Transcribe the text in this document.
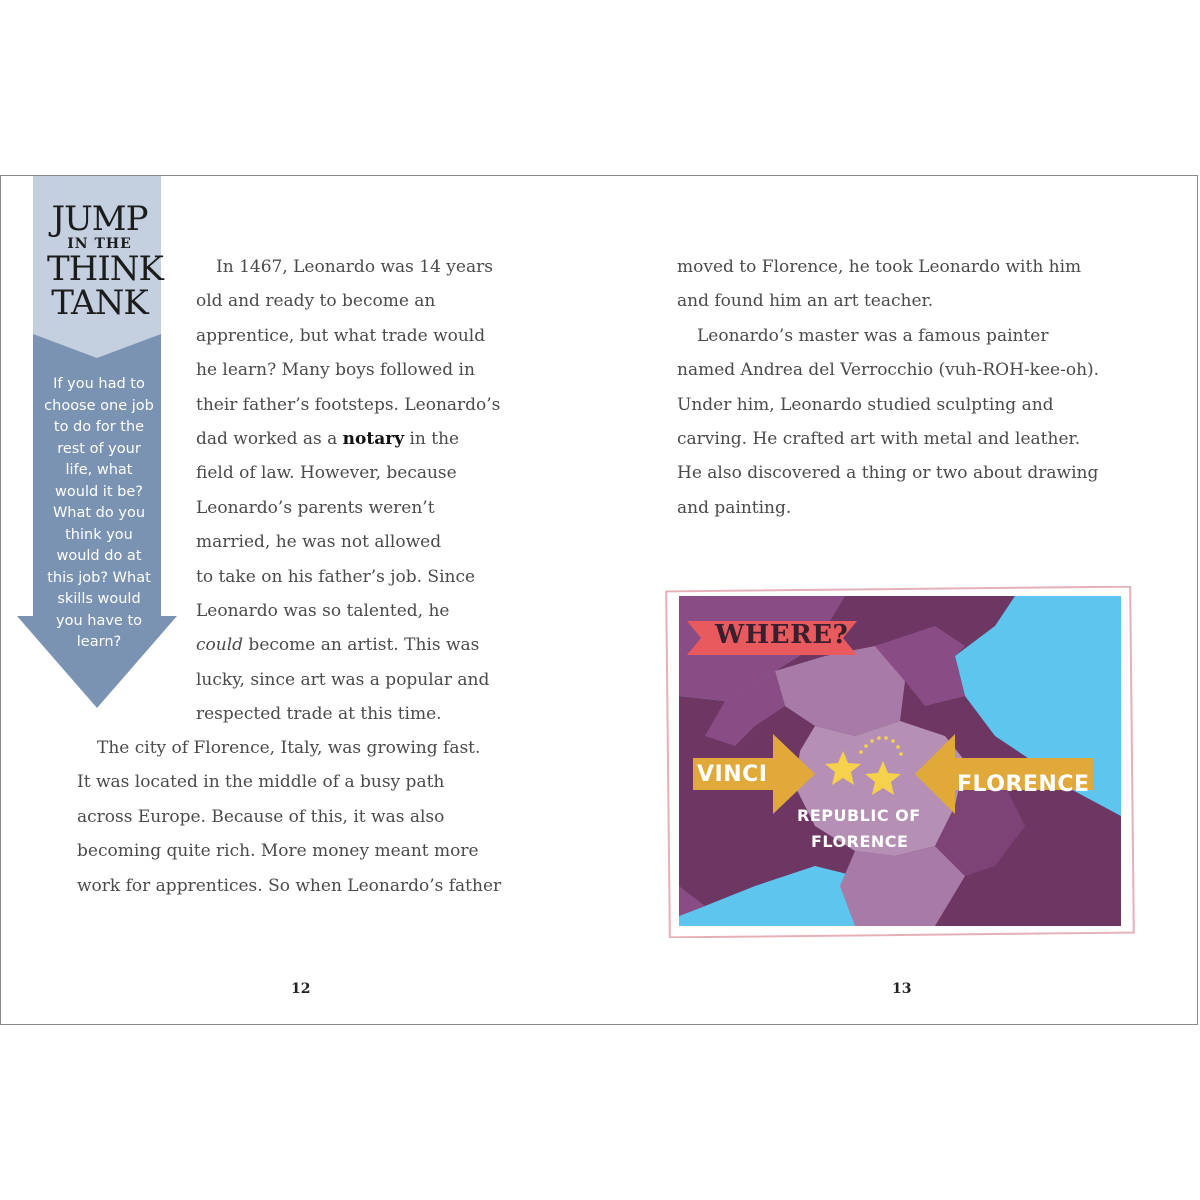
JUMP
IN THE
THINK
TANK
If you had to choose one job to do for the rest of your life, what would it be? What do you think you would do at this job? What skills would you have to learn?
In 1467, Leonardo was 14 years
old and ready to become an
apprentice, but what trade would
he learn? Many boys followed in
their father’s footsteps. Leonardo’s
dad worked as a notary in the
field of law. However, because
Leonardo’s parents weren’t
married, he was not allowed
to take on his father’s job. Since
Leonardo was so talented, he
could become an artist. This was
lucky, since art was a popular and
respected trade at this time.
The city of Florence, Italy, was growing fast.
It was located in the middle of a busy path
across Europe. Because of this, it was also
becoming quite rich. More money meant more
work for apprentices. So when Leonardo’s father
12
moved to Florence, he took Leonardo with him
and found him an art teacher.
Leonardo’s master was a famous painter
named Andrea del Verrocchio (vuh-ROH-kee-oh).
Under him, Leonardo studied sculpting and
carving. He crafted art with metal and leather.
He also discovered a thing or two about drawing
and painting.
13
WHERE?
VINCI	FLORENCE
REPUBLIC OF
FLORENCE
